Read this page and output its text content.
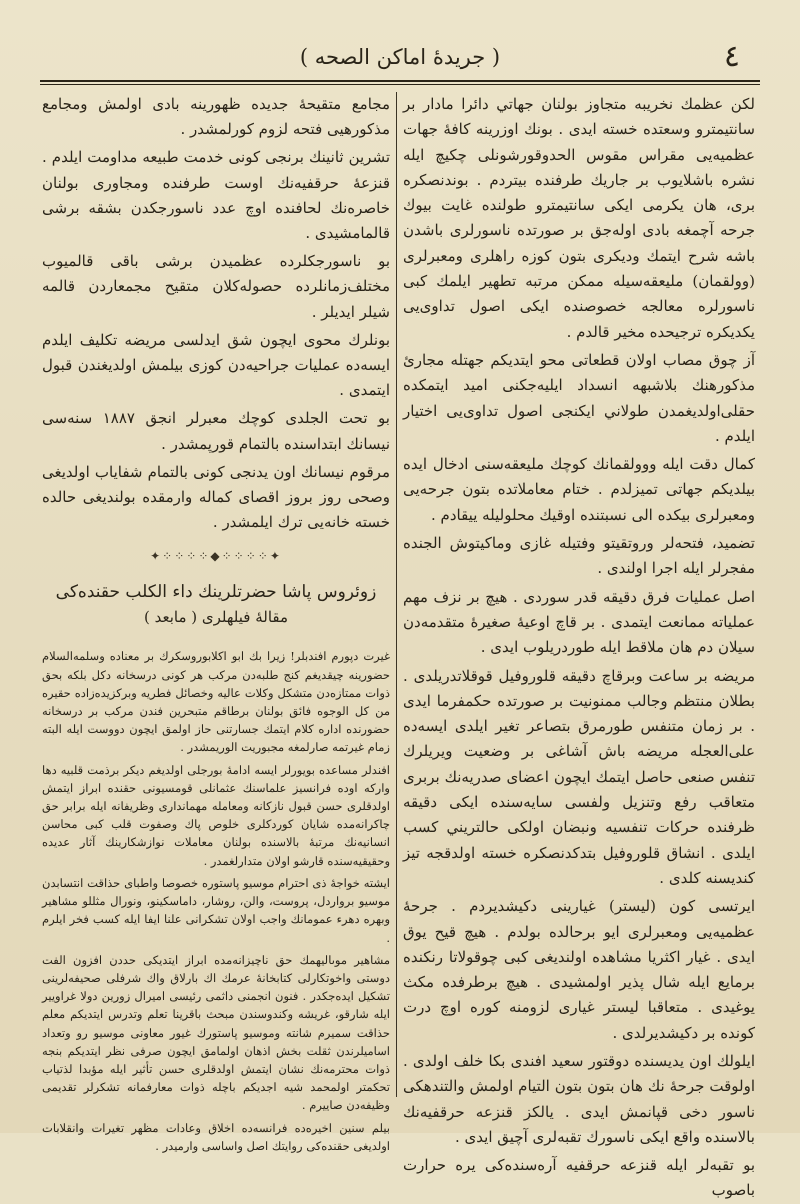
٤
( جريدهٔ اماكن الصحه )

لكن عظمك نخريبه متجاوز بولنان جهاتي دائرا مادار بر سانتيمترو وسعتده خسته ايدى . بونك اوزرينه كافهٔ جهات عظميه‌يى مقراس مقوس الحدوقورشونلى چكيچ ايله نشره باشلايوب بر جاريك طرفنده بيتردم . بوندنصكره برى، هان يكرمى ايكى سانتيمترو طولنده غايت بيوك جرحه آچمغه بادى اوله‌جق بر صورتده ناسورلرى باشدن باشه شرح ايتمك وديكرى بتون كوزه راهلرى ومعبرلرى (وولقمان) مليعقه‌سيله ممكن مرتبه تطهير ايلمك كبى ناسورلره معالجه خصوصنده ايكى اصول تداوى‌يى يكديكره ترجيحده مخير قالدم .

آز چوق مصاب اولان قطعاتى محو ايتديكم جهتله مجارئ مذكورهنك بلاشبهه انسداد ايليه‌جكنى اميد ايتمكده حقلى‌اولديغمدن طولاني ايكنجى اصول تداوى‌يى اختيار ايلدم .

كمال دقت ايله ووولقمانك كوچك مليعقه‌سنى ادخال ايده بيلديكم جهاتى تميزلدم . ختام معاملاتده بتون جرحه‌يى ومعبرلرى بيكده الى نسبتنده اوقيك محلوليله ييقادم .

تضميد، فتحه‌لر وروتقيتو وفتيله غازى وماكيتوش الجنده مفجرلر ايله اجرا اولندى .

اصل عمليات فرق دقيقه قدر سوردى . هيچ بر نزف مهم عملياته ممانعت ايتمدى . بر قاچ اوعيهٔ صغيرهٔ متقدمه‌دن سيلان دم هان ملاقط ايله طوردريلوب ايدى .

مريضه بر ساعت وبرقاچ دقيقه قلوروفيل قوقلاتدريلدى . بطلان منتظم وجالب ممنونيت بر صورتده حكمفرما ايدى . بر زمان متنفس طورمرق بتصاعر تغير ايلدى ايسه‌ده على‌العجله مريضه باش آشاغى بر وضعيت ويريلرك تنفس صنعى حاصل ايتمك ايچون اعضاى صدريه‌نك بربرى متعاقب رفع وتنزيل ولفسى سايه‌سنده ايكى دقيقه ظرفنده حركات تنفسيه ونبضان اولكى حالتريني كسب ايلدى . انشاق قلوروفيل بتدكدنصكره خسته اولدقجه تيز كنديسنه كلدى .

ايرتسى كون (ليستر) غيارينى دكيشديردم . جرحهٔ عظميه‌يى ومعبرلرى ايو برحالده بولدم . هيچ قيح يوق ايدى . غيار اكثريا مشاهده اولنديغى كبى چوقولاتا رنكنده برمايع ايله شال پذير اولمشيدى . هيچ برطرفده مكث يوغيدى . متعاقبا ليستر غيارى لزومنه كوره اوچ درت كونده بر دكيشديرلدى .

ايلولك اون يديسنده دوقتور سعيد افندى بكا خلف اولدى . اولوقت جرحهٔ نك هان بتون بتون التيام اولمش والتندهكى ناسور دخى قپانمش ايدى . يالكز قنزعه حرقفيه‌نك بالاسنده واقع ايكى ناسورك تقبه‌لرى آچيق ايدى .

بو تقبه‌لر ايله قنزعه حرقفيه آره‌سنده‌كى يره حرارت باصوب

مجامع متقيحهٔ جديده ظهورينه بادى اولمش ومجامع مذكورهيى فتحه لزوم كورلمشدر .

تشرين ثانينك برنجى كونى خدمت طبيعه مداومت ايلدم . قنزعهٔ حرقفيه‌نك اوست طرفنده ومجاورى بولنان خاصره‌نك لحافنده اوچ عدد ناسورجكدن بشقه برشى قالمامشيدى .

بو ناسورجكلرده عظميدن برشى باقى قالميوب مختلف‌زمانلرده حصوله‌كلان متقيح مجمعاردن قالمه شيلر ايديلر .

بونلرك محوى ايچون شق ايدلسى مريضه تكليف ايلدم ايسه‌ده عمليات جراحيه‌دن كوزى بيلمش اولديغندن قبول ايتمدى .

بو تحت الجلدى كوچك معبرلر انجق ١٨٨٧ سنه‌سى نيسانك ابتداسنده بالتمام قورپمشدر .

مرقوم نيسانك اون يدنجى كونى بالتمام شفاياب اولديغى وصحى روز بروز اقصاى كماله وارمقده بولنديغى حالده خسته خانه‌يى ترك ايلمشدر .

✦⁘⁘⁘⁘◆⁘⁘⁘⁘✦
زوئروس پاشا حضرتلرينك داء الكلب حقنده‌كى
مقالهٔ فيلهلرى ( مابعد )

غيرت دپورم افندبلر! زيرا بك ابو اكلابوروسكرك بر معناده وسلمه‌السلام حضورينه چيقديغم كنج طلبه‌دن مركب هر كونى درسخانه دكل بلكه بحق ذوات ممتازه‌دن متشكل وكلات عاليه وخصائل فطريه وبركزيده‌زاده حقيره من كل الوجوه فائق بولنان برطاقم متبحرين فندن مركب بر درسخانه حضورنده اداره كلام ايتمك جسارتنى حاز اولمق ايچون دووست ايله البته زمام غيرتمه صارلمغه مجبوريت الوريمشدر .

افندلر مساعده بويورلر ايسه ادامهٔ بورجلى اولديغم ديكر برذمت قلبيه دها واركه اوده فرانسيز علماسنك عثمانلى قومسيونى حقنده ابراز ايتمش اولدقلرى حسن قبول نازكانه ومعامله مهماندارى وظريفانه ايله برابر حق چاكرانه‌مده شايان كوردكلرى خلوص پاك وصفوت قلب كبى محاسن انسانيه‌نك مرتبهٔ بالاسنده بولنان معاملات نوازشكارينك آثار عديده وحقيقيه‌سنده قارشو اولان متدارلغمدر .

ايشته خواجهٔ ذى احترام موسيو پاستوره خصوصا واطباى حذاقت انتسابدن موسيو برواردل، پروست، والن، روشار، داماسكينو، ونورال مثللو مشاهير وبهره دهرء عمومانك واجب اولان تشكرانى علنا ايفا ايله كسب فخر ايلرم .

مشاهير موىاليهمك حق ناچيزانه‌مده ابراز ايتديكى حددن افزون الفت دوستى واخوتكارلى كتابخانهٔ عرمك اك بارلاق واك شرفلى صحيفه‌لرينى تشكيل ايده‌جكدر . فنون انجمنى داثمى رئيسى اميرال زورين دولا غراويير ايله شارقو، غريشه وكندوسندن مبحث باقرينا تعلم وتدرس ايتديكم معلم حذاقت سميرم شانته وموسيو پاستورك غيور معاونى موسيو رو وتعداد اساميلرندن ثقلت بخش اذهان اولمامق ايچون صرفى نظر ايتديكم بنجه ذوات محترمه‌نك نشان ايتمش اولدقلرى حسن تأثير ايله مؤبدا لذتياب تحكمتر اولمحمد شيه اجديكم باچله ذوات معارفمانه تشكرلر تقديمى وظيفه‌دن صاييرم .

بيلم سنين اخيره‌ده فرانسه‌ده اخلاق وعادات مظهر تغيرات وانقلابات اولديغى حقنده‌كى روايتك اصل واساسى وارميدر .
